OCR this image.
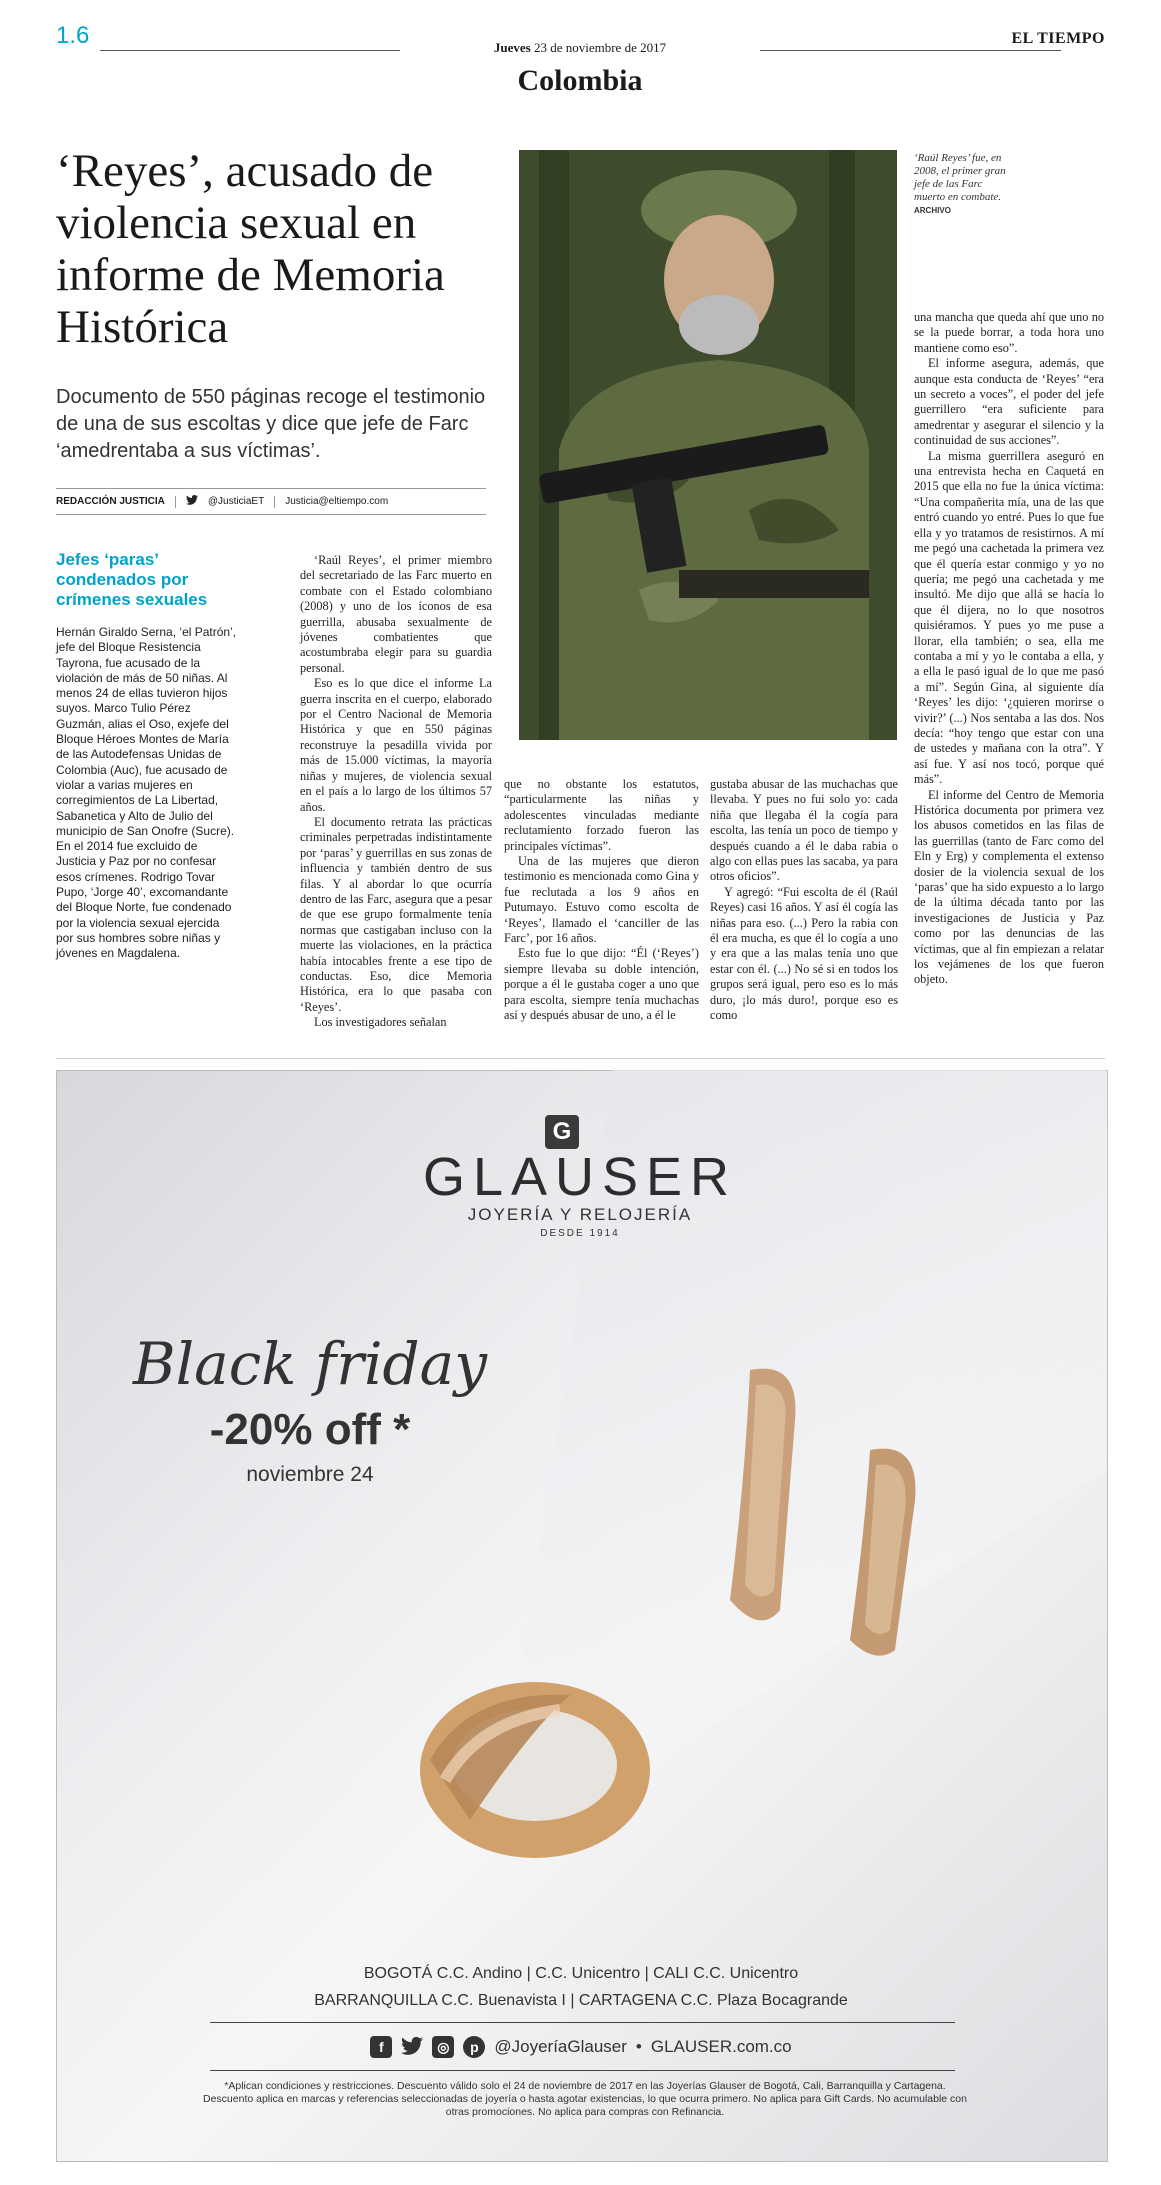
1.6	Jueves 23 de noviembre de 2017
EL TIEMPO
Colombia
‘Reyes’, acusado de violencia sexual en informe de Memoria Histórica
Documento de 550 páginas recoge el testimonio de una de sus escoltas y dice que jefe de Farc ‘amedrentaba a sus víctimas’.
REDACCIÓN JUSTICIA	@JusticiaET Justicia@eltiempo.com
‘Raúl Reyes’ fue, en 2008, el primer gran jefe de las Farc muerto en combate. ARCHIVO
Jefes ‘paras’ condenados por crímenes sexuales
Hernán Giraldo Serna, ‘el Patrón’, jefe del Bloque Resistencia Tayrona, fue acusado de la violación de más de 50 niñas. Al menos 24 de ellas tuvieron hijos suyos. Marco Tulio Pérez Guzmán, alias el Oso, exjefe del Bloque Héroes Montes de María de las Autodefensas Unidas de Colombia (Auc), fue acusado de violar a varias mujeres en corregimientos de La Libertad, Sabanetica y Alto de Julio del municipio de San Onofre (Sucre). En el 2014 fue excluido de Justicia y Paz por no confesar esos crímenes. Rodrigo Tovar Pupo, ‘Jorge 40’, excomandante del Bloque Norte, fue condenado por la violencia sexual ejercida por sus hombres sobre niñas y jóvenes en Magdalena.

‘Raúl Reyes’, el primer miembro del secretariado de las Farc muerto en combate con el Estado colombiano (2008) y uno de los íconos de esa guerrilla, abusaba sexualmente de jóvenes combatientes que acostumbraba elegir para su guardia personal.

Eso es lo que dice el informe La guerra inscrita en el cuerpo, elaborado por el Centro Nacional de Memoria Histórica y que en 550 páginas reconstruye la pesadilla vivida por más de 15.000 víctimas, la mayoría niñas y mujeres, de violencia sexual en el país a lo largo de los últimos 57 años.

El documento retrata las prácticas criminales perpetradas indistintamente por ‘paras’ y guerrillas en sus zonas de influencia y también dentro de sus filas. Y al abordar lo que ocurría dentro de las Farc, asegura que a pesar de que ese grupo formalmente tenía normas que castigaban incluso con la muerte las violaciones, en la práctica había intocables frente a ese tipo de conductas. Eso, dice Memoria Histórica, era lo que pasaba con ‘Reyes’.

Los investigadores señalan

que no obstante los estatutos, “particularmente las niñas y adolescentes vinculadas mediante reclutamiento forzado fueron las principales víctimas”.

Una de las mujeres que dieron testimonio es mencionada como Gina y fue reclutada a los 9 años en Putumayo. Estuvo como escolta de ‘Reyes’, llamado el ‘canciller de las Farc’, por 16 años.

Esto fue lo que dijo: “Él (‘Reyes’) siempre llevaba su doble intención, porque a él le gustaba coger a uno que para escolta, siempre tenía muchachas así y después abusar de uno, a él le

gustaba abusar de las muchachas que llevaba. Y pues no fui solo yo: cada niña que llegaba él la cogía para escolta, las tenía un poco de tiempo y después cuando a él le daba rabia o algo con ellas pues las sacaba, ya para otros oficios”.

Y agregó: “Fui escolta de él (Raúl Reyes) casi 16 años. Y así él cogía las niñas para eso. (...) Pero la rabia con él era mucha, es que él lo cogía a uno y era que a las malas tenía uno que estar con él. (...) No sé si en todos los grupos será igual, pero eso es lo más duro, ¡lo más duro!, porque eso es como

una mancha que queda ahí que uno no se la puede borrar, a toda hora uno mantiene como eso”.

El informe asegura, además, que aunque esta conducta de ‘Reyes’ “era un secreto a voces”, el poder del jefe guerrillero “era suficiente para amedrentar y asegurar el silencio y la continuidad de sus acciones”.

La misma guerrillera aseguró en una entrevista hecha en Caquetá en 2015 que ella no fue la única víctima: “Una compañerita mía, una de las que entró cuando yo entré. Pues lo que fue ella y yo tratamos de resistirnos. A mí me pegó una cachetada la primera vez que él quería estar conmigo y yo no quería; me pegó una cachetada y me insultó. Me dijo que allá se hacía lo que él dijera, no lo que nosotros quisiéramos. Y pues yo me puse a llorar, ella también; o sea, ella me contaba a mí y yo le contaba a ella, y a ella le pasó igual de lo que me pasó a mí”. Según Gina, al siguiente día ‘Reyes’ les dijo: ‘¿quieren morirse o vivir?’ (...) Nos sentaba a las dos. Nos decía: “hoy tengo que estar con una de ustedes y mañana con la otra”. Y así fue. Y así nos tocó, porque qué más”.

El informe del Centro de Memoria Histórica documenta por primera vez los abusos cometidos en las filas de las guerrillas (tanto de Farc como del Eln y Erg) y complementa el extenso dosier de la violencia sexual de los ‘paras’ que ha sido expuesto a lo largo de la última década tanto por las investigaciones de Justicia y Paz como por las denuncias de las víctimas, que al fin empiezan a relatar los vejámenes de los que fueron objeto.

G
GLAUSER
JOYERÍA Y RELOJERÍA
DESDE 1914
Black friday
-20% off *
noviembre 24
BOGOTÁ C.C. Andino | C.C. Unicentro | CALI C.C. Unicentro
BARRANQUILLA C.C. Buenavista I | CARTAGENA C.C. Plaza Bocagrande
f	◎	p @JoyeríaGlauser • GLAUSER.com.co
*Aplican condiciones y restricciones. Descuento válido solo el 24 de noviembre de 2017 en las Joyerías Glauser de Bogotá, Cali, Barranquilla y Cartagena. Descuento aplica en marcas y referencias seleccionadas de joyería o hasta agotar existencias, lo que ocurra primero. No aplica para Gift Cards. No acumulable con otras promociones. No aplica para compras con Refinancia.
